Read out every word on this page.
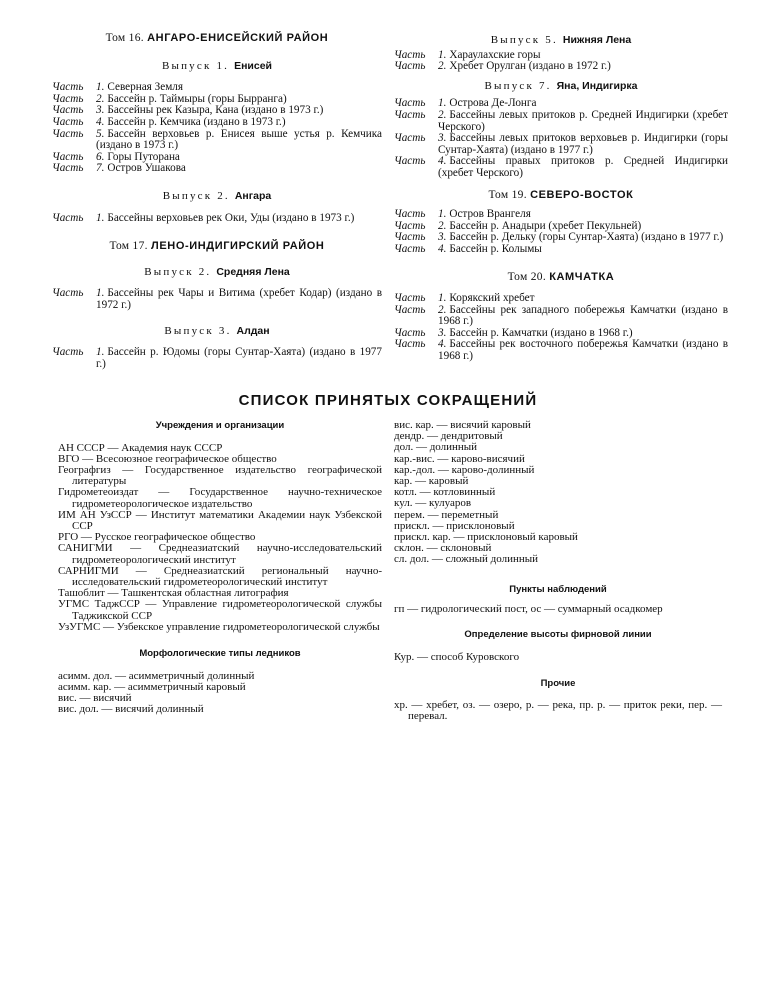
Том 16. АНГАРО-ЕНИСЕЙСКИЙ РАЙОН

Выпуск 1. Енисей

Часть	1. Северная Земля
Часть	2. Бассейн р. Таймыры (горы Бырранга)
Часть	3. Бассейны рек Казыра, Кана (издано в 1973 г.)
Часть	4. Бассейн р. Кемчика (издано в 1973 г.)
Часть	5. Бассейн верховьев р. Енисея выше устья р. Кемчика (издано в 1973 г.)
Часть	6. Горы Путорана
Часть	7. Остров Ушакова

Выпуск 2. Ангара

Часть	1. Бассейны верховьев рек Оки, Уды (издано в 1973 г.)

Том 17. ЛЕНО-ИНДИГИРСКИЙ РАЙОН

Выпуск 2. Средняя Лена

Часть	1. Бассейны рек Чары и Витима (хребет Кодар) (издано в 1972 г.)

Выпуск 3. Алдан

Часть	1. Бассейн р. Юдомы (горы Сунтар-Хаята) (издано в 1977 г.)

Выпуск 5. Нижняя Лена

Часть	1. Хараулахские горы
Часть	2. Хребет Орулган (издано в 1972 г.)

Выпуск 7. Яна, Индигирка

Часть	1. Острова Де-Лонга
Часть	2. Бассейны левых притоков р. Средней Индигирки (хребет Черского)
Часть	3. Бассейны левых притоков верховьев р. Индигирки (горы Сунтар-Хаята) (издано в 1977 г.)
Часть	4. Бассейны правых притоков р. Средней Индигирки (хребет Черского)

Том 19. СЕВЕРО-ВОСТОК

Часть	1. Остров Врангеля
Часть	2. Бассейн р. Анадыри (хребет Пекульней)
Часть	3. Бассейн р. Дельку (горы Сунтар-Хаята) (издано в 1977 г.)
Часть	4. Бассейн р. Колымы

Том 20. КАМЧАТКА

Часть	1. Корякский хребет
Часть	2. Бассейны рек западного побережья Камчатки (издано в 1968 г.)
Часть	3. Бассейн р. Камчатки (издано в 1968 г.)
Часть	4. Бассейны рек восточного побережья Камчатки (издано в 1968 г.)
СПИСОК ПРИНЯТЫХ СОКРАЩЕНИЙ

Учреждения и организации

АН СССР — Академия наук СССР

ВГО — Всесоюзное географическое общество

Географгиз — Государственное издательство географической литературы

Гидрометеоиздат — Государственное научно-техническое гидрометеорологическое издательство

ИМ АН УзССР — Институт математики Академии наук Узбекской ССР

РГО — Русское географическое общество

САНИГМИ — Среднеазиатский научно-исследовательский гидрометеорологический институт

САРНИГМИ — Среднеазиатский региональный научно-исследовательский гидрометеорологический институт

Ташоблит — Ташкентская областная литография

УГМС ТаджССР — Управление гидрометеорологической службы Таджикской ССР

УзУГМС — Узбекское управление гидрометеорологической службы

Морфологические типы ледников

асимм. дол. — асимметричный долинный

асимм. кар. — асимметричный каровый

вис. — висячий

вис. дол. — висячий долинный

вис. кар. — висячий каровый

дендр. — дендритовый

дол. — долинный

кар.-вис. — карово-висячий

кар.-дол. — карово-долинный

кар. — каровый

котл. — котловинный

кул. — кулуаров

перем. — переметный

прискл. — присклоновый

прискл. кар. — присклоновый каровый

склон. — склоновый

сл. дол. — сложный долинный

Пункты наблюдений

гп — гидрологический пост, ос — суммарный осадкомер

Определение высоты фирновой линии

Кур. — способ Куровского

Прочие

хр. — хребет, оз. — озеро, р. — река, пр. р. — приток реки, пер. — перевал.
